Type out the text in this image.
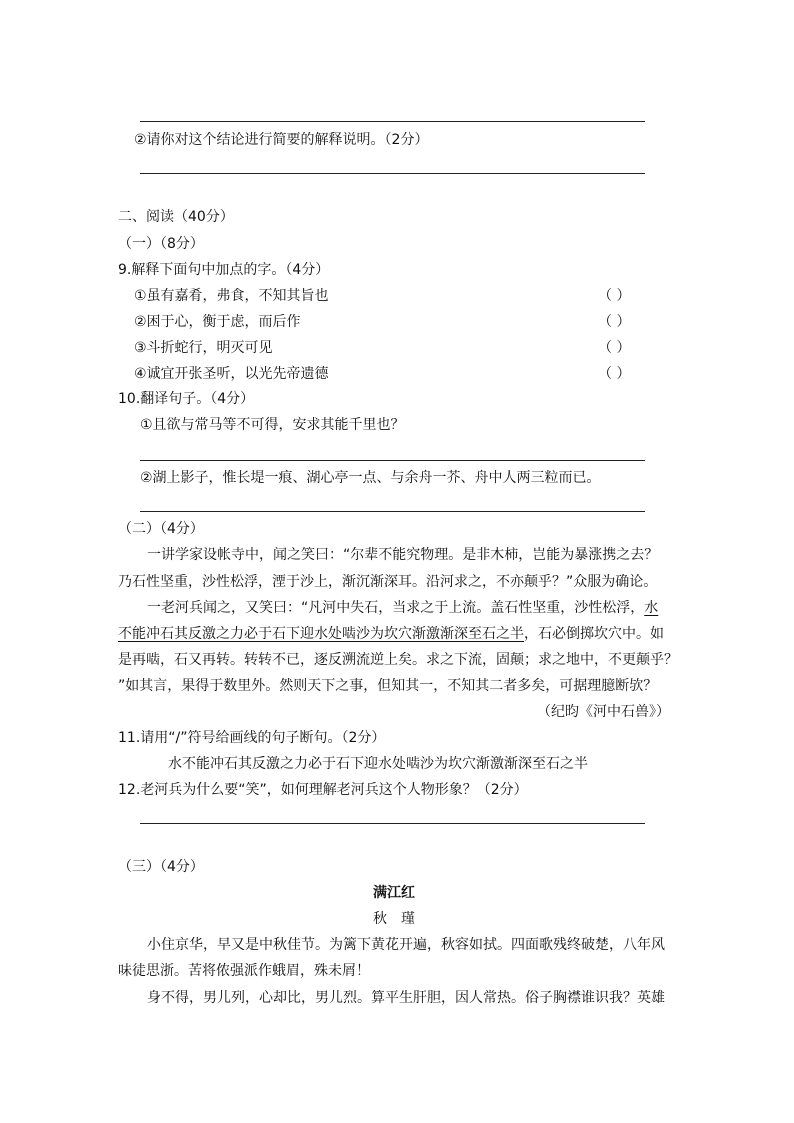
②请你对这个结论进行简要的解释说明。（2分）
二、阅读（40分）
（一）（8分）
9.解释下面句中加点的字。（4分）
①虽有嘉肴，弗食，不知其旨也	（ ）
②困于心，衡于虑，而后作	（ ）
③斗折蛇行，明灭可见	（ ）
④诚宜开张圣听，以光先帝遗德	（ ）
10.翻译句子。（4分）
①且欲与常马等不可得，安求其能千里也？
②湖上影子，惟长堤一痕、湖心亭一点、与余舟一芥、舟中人两三粒而已。
（二）（4分）
一讲学家设帐寺中，闻之笑曰：“尔辈不能究物理。是非木柿，岂能为暴涨携之去？
乃石性坚重，沙性松浮，湮于沙上，渐沉渐深耳。沿河求之，不亦颠乎？”众服为确论。
一老河兵闻之，又笑曰：“凡河中失石，当求之于上流。盖石性坚重，沙性松浮，水
不能冲石其反激之力必于石下迎水处啮沙为坎穴渐激渐深至石之半，石必倒掷坎穴中。如
是再啮，石又再转。转转不已，逐反溯流逆上矣。求之下流，固颠；求之地中，不更颠乎？
”如其言，果得于数里外。然则天下之事，但知其一，不知其二者多矣，可据理臆断欤？
（纪昀《河中石兽》）
11.请用“/”符号给画线的句子断句。（2分）
水不能冲石其反激之力必于石下迎水处啮沙为坎穴渐激渐深至石之半
12.老河兵为什么要“笑”，如何理解老河兵这个人物形象？（2分）
（三）（4分）
满江红
秋　瑾
小住京华，早又是中秋佳节。为篱下黄花开遍，秋容如拭。四面歌残终破楚，八年风
味徒思浙。苦将侬强派作蛾眉，殊未屑！
身不得，男儿列，心却比，男儿烈。算平生肝胆，因人常热。俗子胸襟谁识我？英雄
